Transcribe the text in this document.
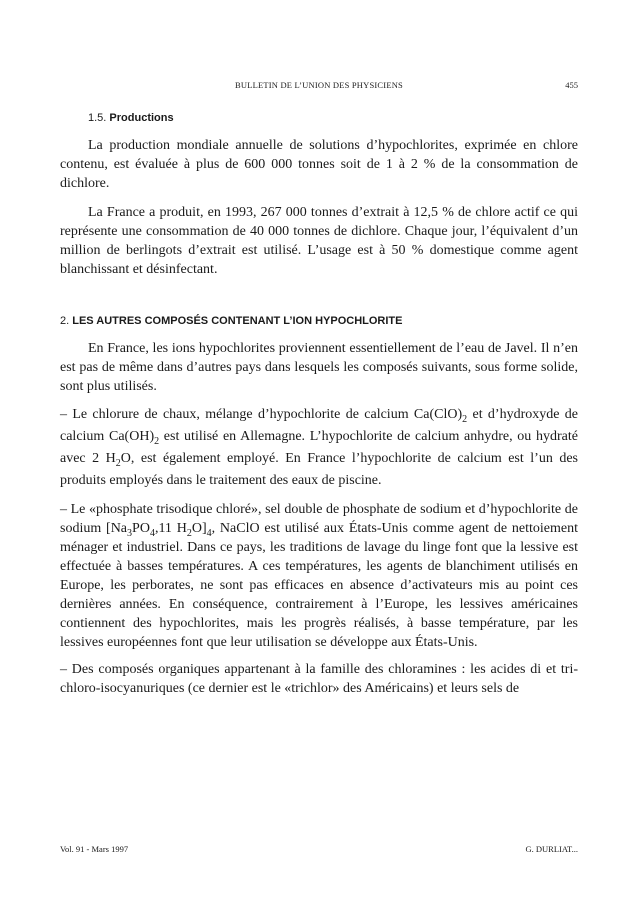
BULLETIN DE L’UNION DES PHYSICIENS	455
1.5. Productions

La production mondiale annuelle de solutions d’hypochlorites, exprimée en chlore contenu, est évaluée à plus de 600 000 tonnes soit de 1 à 2 % de la consommation de dichlore.

La France a produit, en 1993, 267 000 tonnes d’extrait à 12,5 % de chlore actif ce qui représente une consommation de 40 000 tonnes de dichlore. Chaque jour, l’équivalent d’un million de berlingots d’extrait est utilisé. L’usage est à 50 % domestique comme agent blanchissant et désinfectant.

2. LES AUTRES COMPOSÉS CONTENANT L’ION HYPOCHLORITE

En France, les ions hypochlorites proviennent essentiellement de l’eau de Javel. Il n’en est pas de même dans d’autres pays dans lesquels les composés suivants, sous forme solide, sont plus utilisés.

– Le chlorure de chaux, mélange d’hypochlorite de calcium $Ca(ClO)_2$ et d’hydroxyde de calcium $Ca(OH)_2$ est utilisé en Allemagne. L’hypochlorite de calcium anhydre, ou hydraté avec 2 $H_2O$, est également employé. En France l’hypochlorite de calcium est l’un des produits employés dans le traitement des eaux de piscine.

– Le «phosphate trisodique chloré», sel double de phosphate de sodium et d’hypochlorite de sodium [$Na_3PO_4,11$ $H_2O]_4$, NaClO est utilisé aux États-Unis comme agent de nettoiement ménager et industriel. Dans ce pays, les traditions de lavage du linge font que la lessive est effectuée à basses températures. A ces températures, les agents de blanchiment utilisés en Europe, les perborates, ne sont pas efficaces en absence d’activateurs mis au point ces dernières années. En conséquence, contrairement à l’Europe, les lessives américaines contiennent des hypochlorites, mais les progrès réalisés, à basse température, par les lessives européennes font que leur utilisation se développe aux États-Unis.

– Des composés organiques appartenant à la famille des chloramines : les acides di et tri-chloro-isocyanuriques (ce dernier est le «trichlor» des Américains) et leurs sels de

Vol. 91 - Mars 1997	G. DURLIAT...
